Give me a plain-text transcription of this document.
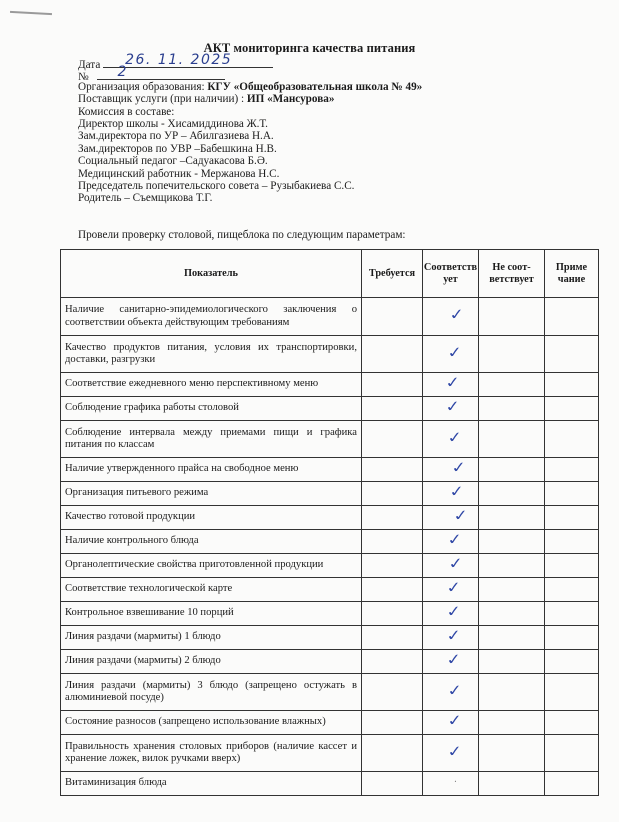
АКТ мониторинга качества питания
Дата 26. 11. 2025
№ 2
Организация образования: КГУ «Общеобразовательная школа № 49»
Поставщик услуги (при наличии) : ИП «Мансурова»
Комиссия в составе:
Директор школы - Хисамиддинова Ж.Т.
Зам.директора по УР – Абилгазиева Н.А.
Зам.директоров по УВР –Бабешкина Н.В.
Социальный педагог –Садуакасова Б.Ә.
Медицинский работник - Мержанова Н.С.
Председатель попечительского совета – Рузыбакиева С.С.
Родитель – Съемщикова Т.Г.
Провели проверку столовой, пищеблока по следующим параметрам:
Показатель	Требуется	Соответствует	Не соот-ветствует	Приме чание
Наличие санитарно-эпидемиологического заключения о соответствии объекта действующим требованиям		✓		
Качество продуктов питания, условия их транспортировки, доставки, разгрузки		✓		
Соответствие ежедневного меню перспективному меню		✓		
Соблюдение графика работы столовой		✓		
Соблюдение интервала между приемами пищи и графика питания по классам		✓		
Наличие утвержденного прайса на свободное меню		✓		
Организация питьевого режима		✓		
Качество готовой продукции		✓		
Наличие контрольного блюда		✓		
Органолептические свойства приготовленной продукции		✓		
Соответствие технологической карте		✓		
Контрольное взвешивание 10 порций		✓		
Линия раздачи (мармиты) 1 блюдо		✓		
Линия раздачи (мармиты) 2 блюдо		✓		
Линия раздачи (мармиты) 3 блюдо (запрещено остужать в алюминиевой посуде)		✓		
Состояние разносов (запрещено использование влажных)		✓		
Правильность хранения столовых приборов (наличие кассет и хранение ложек, вилок ручками вверх)		✓		
Витаминизация блюда		·		
